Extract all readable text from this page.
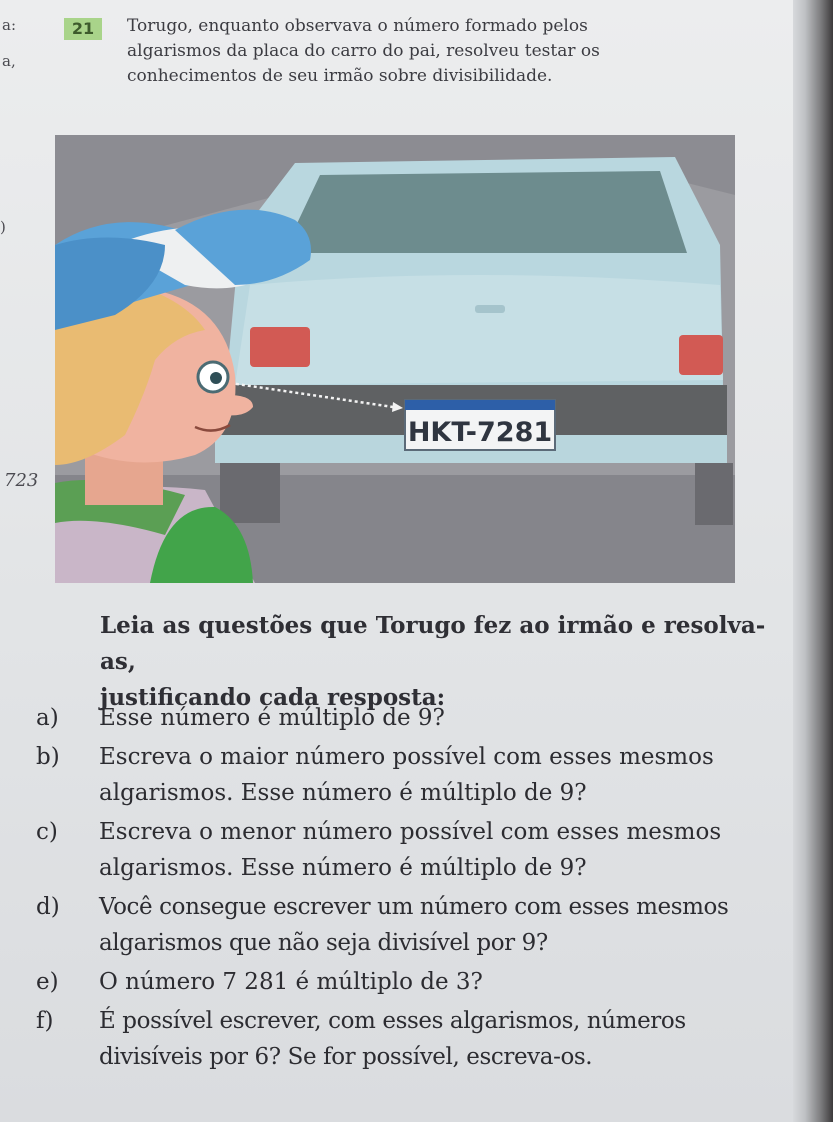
a:
a,
)
723
21	Torugo, enquanto observava o número formado pelos
algarismos da placa do carro do pai, resolveu testar os
conhecimentos de seu irmão sobre divisibilidade.
HKT-7281
Leia as questões que Torugo fez ao irmão e resolva-as,
justificando cada resposta:
a)	Esse número é múltiplo de 9?
b)	Escreva o maior número possível com esses mesmos
algarismos. Esse número é múltiplo de 9?
c)	Escreva o menor número possível com esses mesmos
algarismos. Esse número é múltiplo de 9?
d)	Você consegue escrever um número com esses mesmos
algarismos que não seja divisível por 9?
e)	O número 7 281 é múltiplo de 3?
f)	É possível escrever, com esses algarismos, números
divisíveis por 6? Se for possível, escreva-os.
